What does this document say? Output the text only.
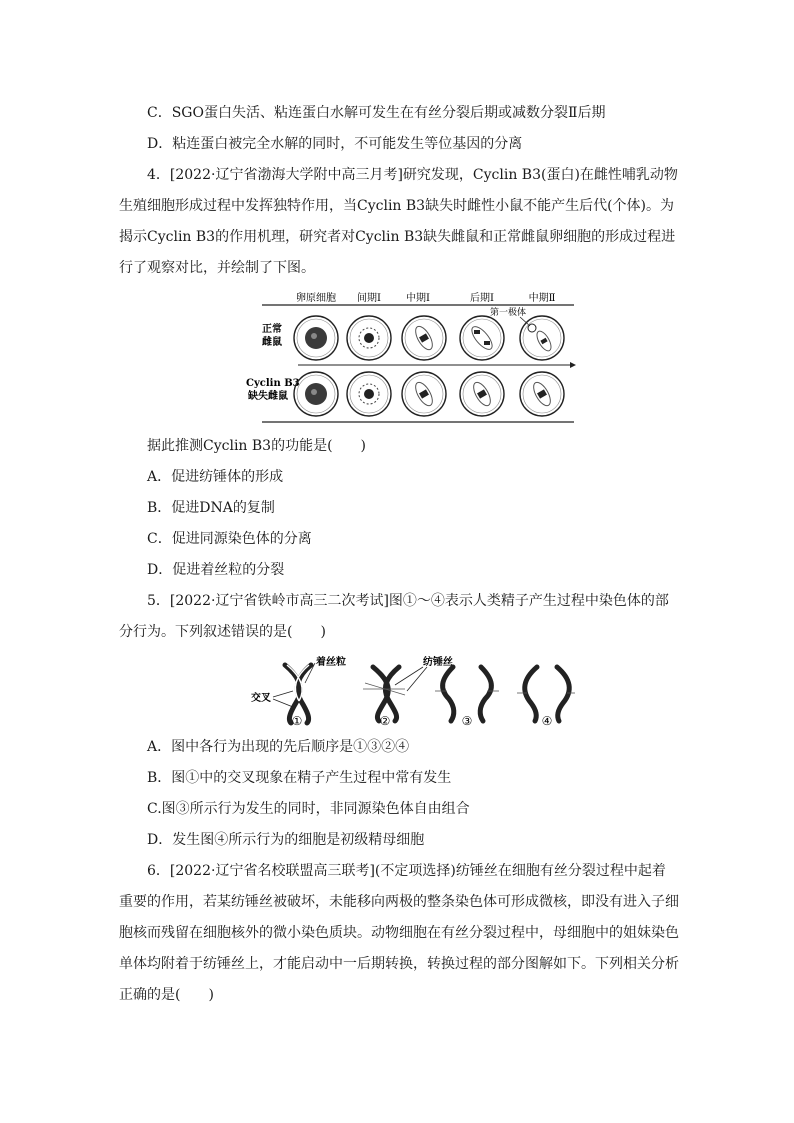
C．SGO蛋白失活、粘连蛋白水解可发生在有丝分裂后期或减数分裂Ⅱ后期
D．粘连蛋白被完全水解的同时，不可能发生等位基因的分离
4．[2022·辽宁省渤海大学附中高三月考]研究发现，Cyclin B3(蛋白)在雌性哺乳动物
生殖细胞形成过程中发挥独特作用，当Cyclin B3缺失时雌性小鼠不能产生后代(个体)。为
揭示Cyclin B3的作用机理，研究者对Cyclin B3缺失雌鼠和正常雌鼠卵细胞的形成过程进
行了观察对比，并绘制了下图。
卵原细胞 间期Ⅰ	中期Ⅰ	后期Ⅰ	中期Ⅱ
第一极体
正常
雌鼠
Cyclin B3
缺失雌鼠
据此推测Cyclin B3的功能是(　　)
A．促进纺锤体的形成
B．促进DNA的复制
C．促进同源染色体的分离
D．促进着丝粒的分裂
5．[2022·辽宁省铁岭市高三二次考试]图①～④表示人类精子产生过程中染色体的部
分行为。下列叙述错误的是(　　)
着丝粒
交叉
①
纺锤丝
②	③	④
A．图中各行为出现的先后顺序是①③②④
B．图①中的交叉现象在精子产生过程中常有发生
C.图③所示行为发生的同时，非同源染色体自由组合
D．发生图④所示行为的细胞是初级精母细胞
6．[2022·辽宁省名校联盟高三联考](不定项选择)纺锤丝在细胞有丝分裂过程中起着
重要的作用，若某纺锤丝被破坏，未能移向两极的整条染色体可形成微核，即没有进入子细
胞核而残留在细胞核外的微小染色质块。动物细胞在有丝分裂过程中，母细胞中的姐妹染色
单体均附着于纺锤丝上，才能启动中一后期转换，转换过程的部分图解如下。下列相关分析
正确的是(　　)
